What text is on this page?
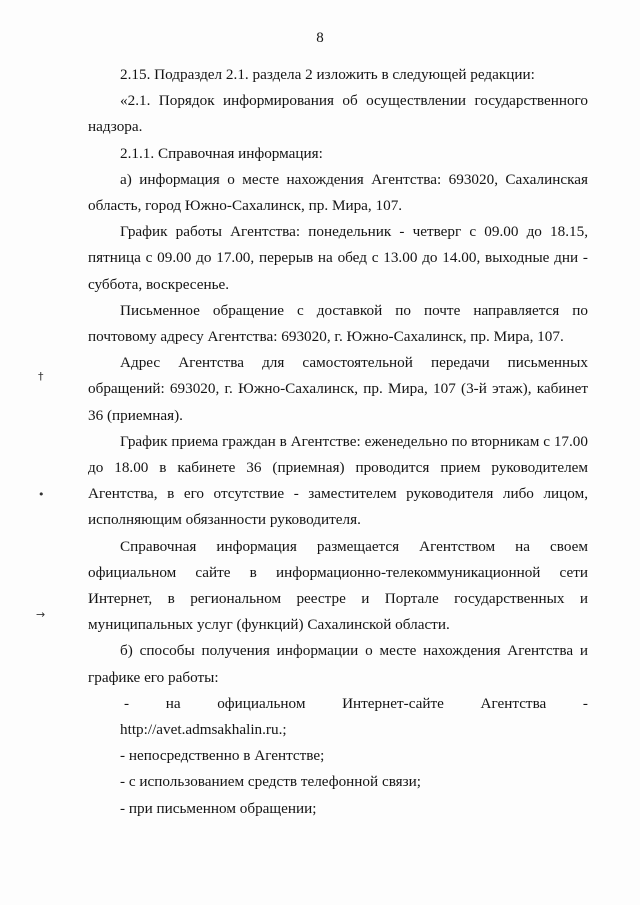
8

2.15. Подраздел 2.1. раздела 2 изложить в следующей редакции:

«2.1. Порядок информирования об осуществлении государственного надзора.

2.1.1. Справочная информация:

а) информация о месте нахождения Агентства: 693020, Сахалинская область, город Южно-Сахалинск, пр. Мира, 107.

График работы Агентства: понедельник - четверг с 09.00 до 18.15, пятница с 09.00 до 17.00, перерыв на обед с 13.00 до 14.00, выходные дни - суббота, воскресенье.

Письменное обращение с доставкой по почте направляется по почтовому адресу Агентства: 693020, г. Южно-Сахалинск, пр. Мира, 107.

Адрес Агентства для самостоятельной передачи письменных обращений: 693020, г. Южно-Сахалинск, пр. Мира, 107 (3-й этаж), кабинет 36 (приемная).

График приема граждан в Агентстве: еженедельно по вторникам с 17.00 до 18.00 в кабинете 36 (приемная) проводится прием руководителем Агентства, в его отсутствие - заместителем руководителя либо лицом, исполняющим обязанности руководителя.

Справочная информация размещается Агентством на своем официальном сайте в информационно-телекоммуникационной сети Интернет, в региональном реестре и Портале государственных и муниципальных услуг (функций) Сахалинской области.

б) способы получения информации о месте нахождения Агентства и графике его работы:

- на официальном Интернет-сайте Агентства -

http://avet.admsakhalin.ru.;

- непосредственно в Агентстве;

- с использованием средств телефонной связи;

- при письменном обращении;

†
•
→
